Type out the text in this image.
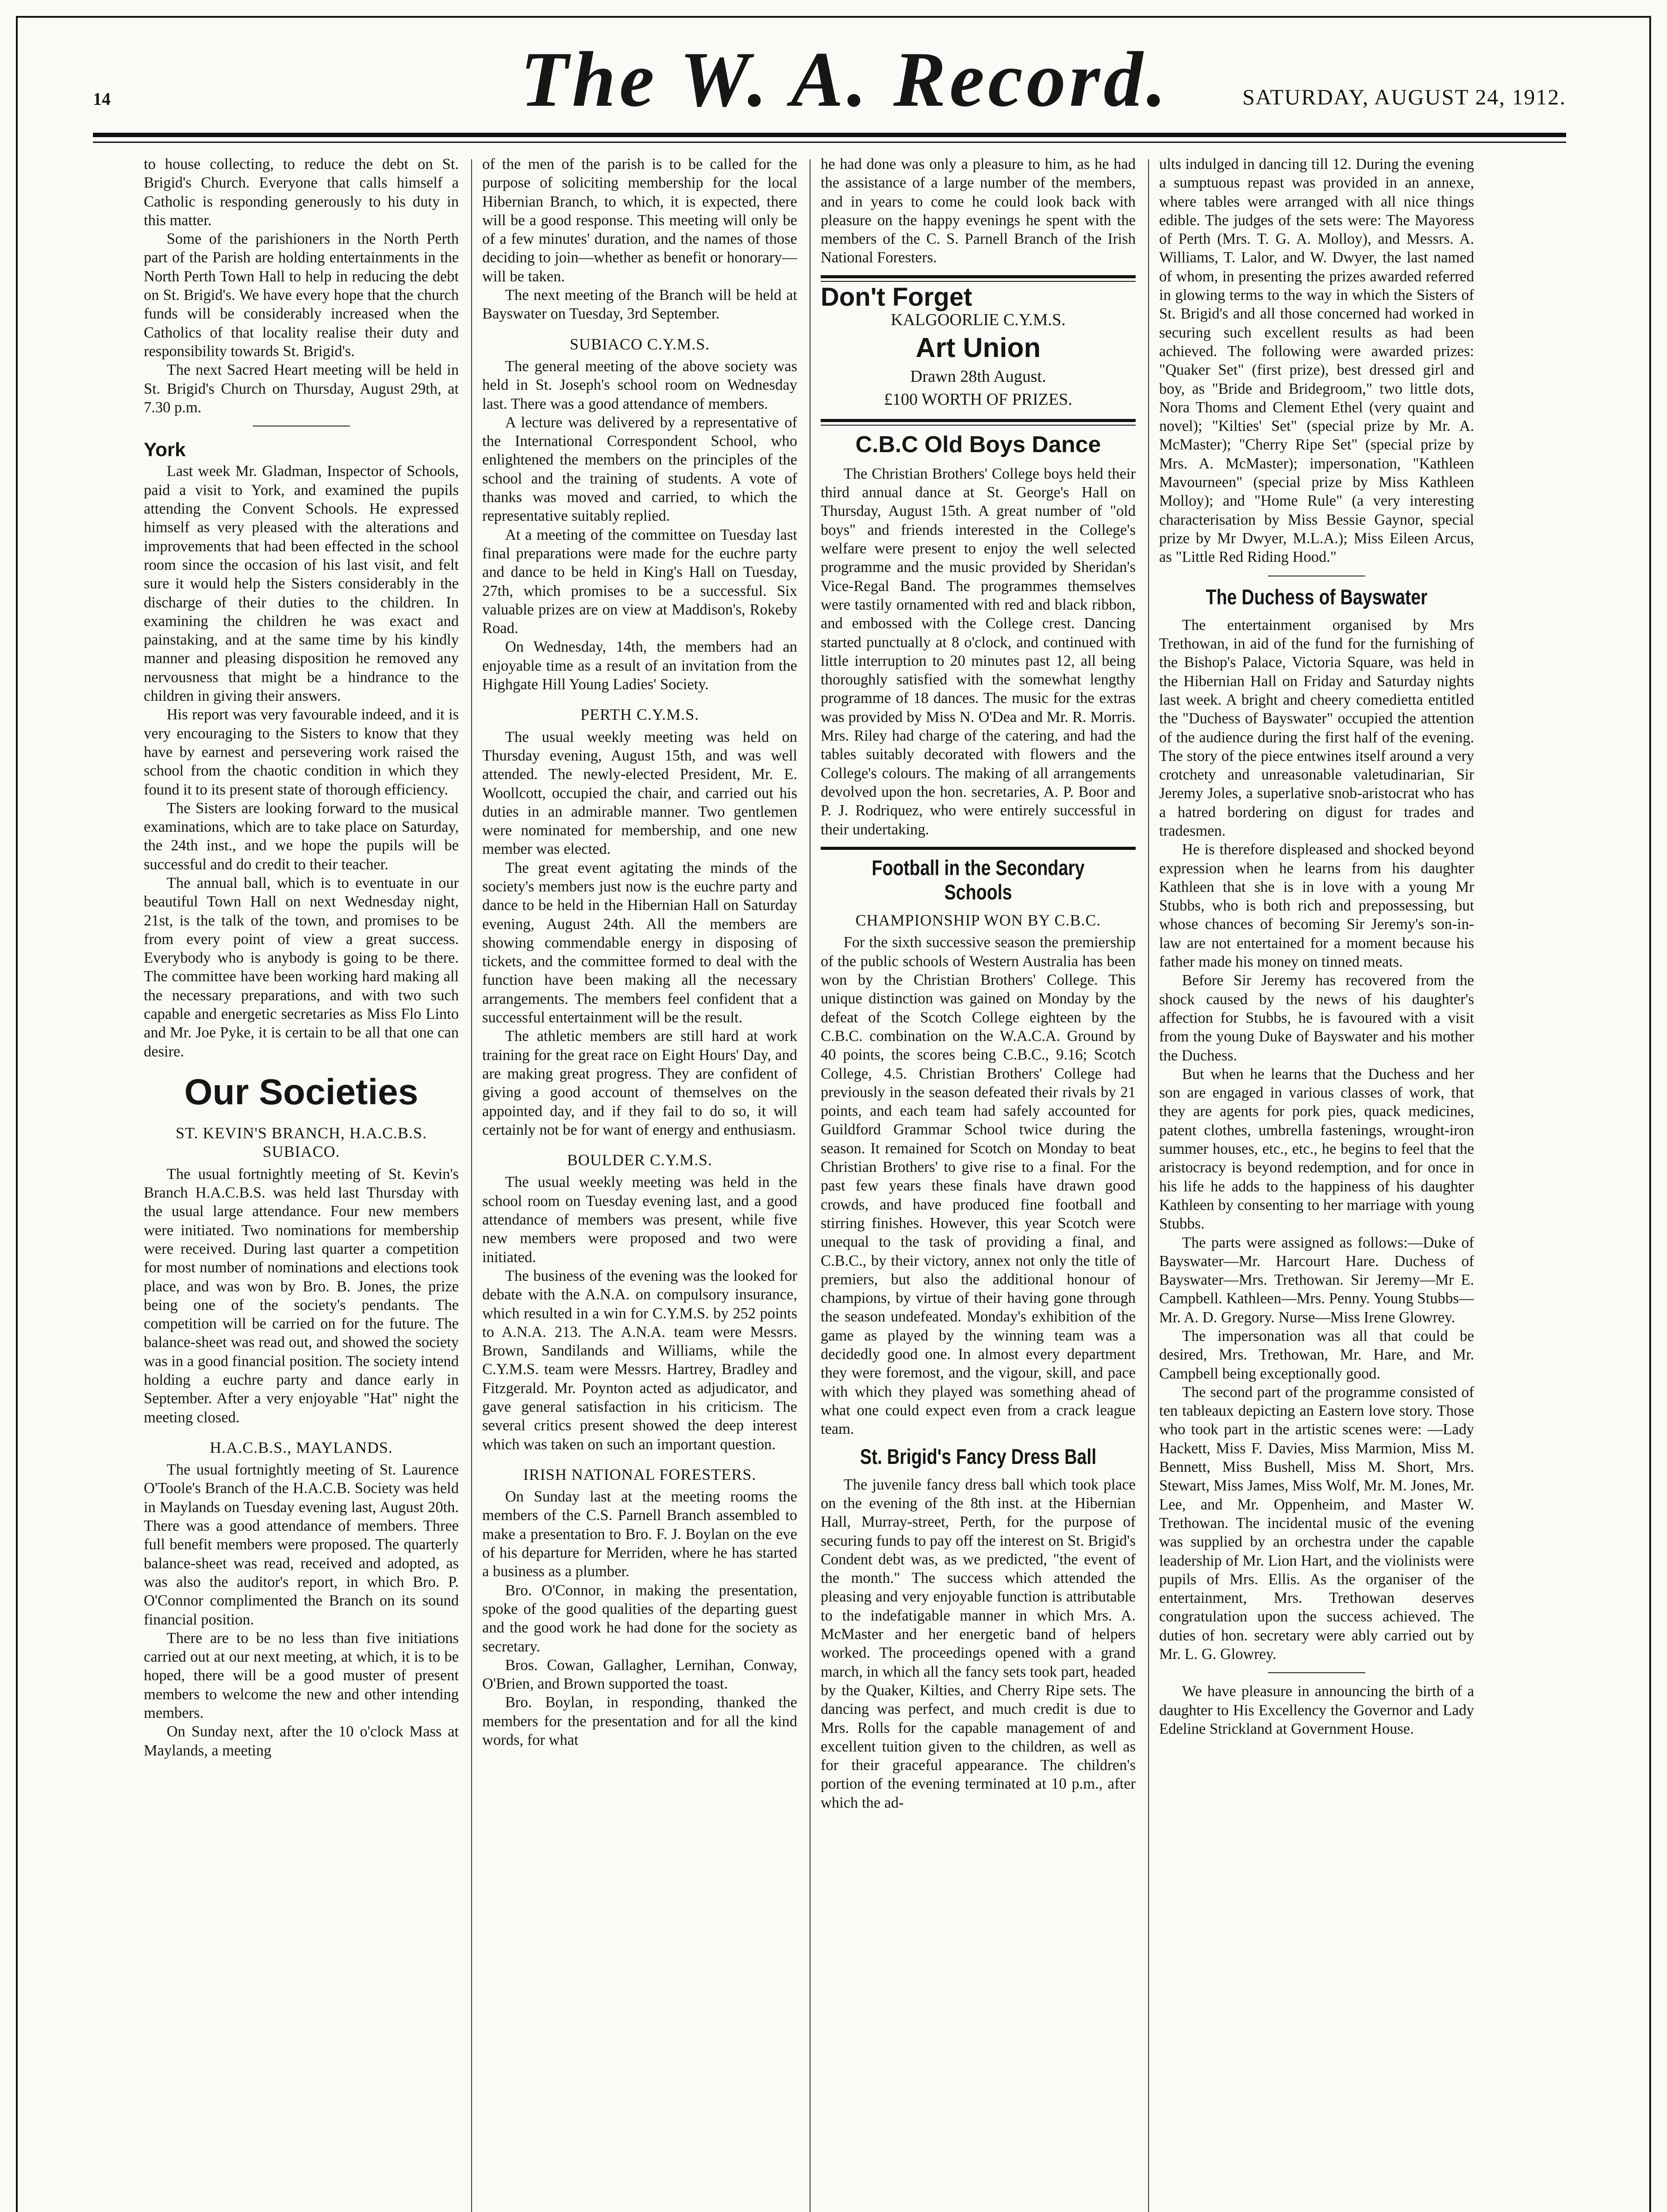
14	The W. A. Record.	SATURDAY, AUGUST 24, 1912.

to house collecting, to reduce the debt on St. Brigid's Church. Everyone that calls himself a Catholic is responding generously to his duty in this matter.

Some of the parishioners in the North Perth part of the Parish are holding entertainments in the North Perth Town Hall to help in reducing the debt on St. Brigid's. We have every hope that the church funds will be considerably increased when the Catholics of that locality realise their duty and responsibility towards St. Brigid's.

The next Sacred Heart meeting will be held in St. Brigid's Church on Thursday, August 29th, at 7.30 p.m.

York

Last week Mr. Gladman, Inspector of Schools, paid a visit to York, and examined the pupils attending the Convent Schools. He expressed himself as very pleased with the alterations and improvements that had been effected in the school room since the occasion of his last visit, and felt sure it would help the Sisters considerably in the discharge of their duties to the children. In examining the children he was exact and painstaking, and at the same time by his kindly manner and pleasing disposition he removed any nervousness that might be a hindrance to the children in giving their answers.

His report was very favourable indeed, and it is very encouraging to the Sisters to know that they have by earnest and persevering work raised the school from the chaotic condition in which they found it to its present state of thorough efficiency.

The Sisters are looking forward to the musical examinations, which are to take place on Saturday, the 24th inst., and we hope the pupils will be successful and do credit to their teacher.

The annual ball, which is to eventuate in our beautiful Town Hall on next Wednesday night, 21st, is the talk of the town, and promises to be from every point of view a great success. Everybody who is anybody is going to be there. The committee have been working hard making all the necessary preparations, and with two such capable and energetic secretaries as Miss Flo Linto and Mr. Joe Pyke, it is certain to be all that one can desire.

Our Societies
ST. KEVIN'S BRANCH, H.A.C.B.S. SUBIACO.

The usual fortnightly meeting of St. Kevin's Branch H.A.C.B.S. was held last Thursday with the usual large attendance. Four new members were initiated. Two nominations for membership were received. During last quarter a competition for most number of nominations and elections took place, and was won by Bro. B. Jones, the prize being one of the society's pendants. The competition will be carried on for the future. The balance-sheet was read out, and showed the society was in a good financial position. The society intend holding a euchre party and dance early in September. After a very enjoyable "Hat" night the meeting closed.

H.A.C.B.S., MAYLANDS.

The usual fortnightly meeting of St. Laurence O'Toole's Branch of the H.A.C.B. Society was held in Maylands on Tuesday evening last, August 20th. There was a good attendance of members. Three full benefit members were proposed. The quarterly balance-sheet was read, received and adopted, as was also the auditor's report, in which Bro. P. O'Connor complimented the Branch on its sound financial position.

There are to be no less than five initiations carried out at our next meeting, at which, it is to be hoped, there will be a good muster of present members to welcome the new and other intending members.

On Sunday next, after the 10 o'clock Mass at Maylands, a meeting

of the men of the parish is to be called for the purpose of soliciting membership for the local Hibernian Branch, to which, it is expected, there will be a good response. This meeting will only be of a few minutes' duration, and the names of those deciding to join—whether as benefit or honorary—will be taken.

The next meeting of the Branch will be held at Bayswater on Tuesday, 3rd September.

SUBIACO C.Y.M.S.

The general meeting of the above society was held in St. Joseph's school room on Wednesday last. There was a good attendance of members.

A lecture was delivered by a representative of the International Correspondent School, who enlightened the members on the principles of the school and the training of students. A vote of thanks was moved and carried, to which the representative suitably replied.

At a meeting of the committee on Tuesday last final preparations were made for the euchre party and dance to be held in King's Hall on Tuesday, 27th, which promises to be a successful. Six valuable prizes are on view at Maddison's, Rokeby Road.

On Wednesday, 14th, the members had an enjoyable time as a result of an invitation from the Highgate Hill Young Ladies' Society.

PERTH C.Y.M.S.

The usual weekly meeting was held on Thursday evening, August 15th, and was well attended. The newly-elected President, Mr. E. Woollcott, occupied the chair, and carried out his duties in an admirable manner. Two gentlemen were nominated for membership, and one new member was elected.

The great event agitating the minds of the society's members just now is the euchre party and dance to be held in the Hibernian Hall on Saturday evening, August 24th. All the members are showing commendable energy in disposing of tickets, and the committee formed to deal with the function have been making all the necessary arrangements. The members feel confident that a successful entertainment will be the result.

The athletic members are still hard at work training for the great race on Eight Hours' Day, and are making great progress. They are confident of giving a good account of themselves on the appointed day, and if they fail to do so, it will certainly not be for want of energy and enthusiasm.

BOULDER C.Y.M.S.

The usual weekly meeting was held in the school room on Tuesday evening last, and a good attendance of members was present, while five new members were proposed and two were initiated.

The business of the evening was the looked for debate with the A.N.A. on compulsory insurance, which resulted in a win for C.Y.M.S. by 252 points to A.N.A. 213. The A.N.A. team were Messrs. Brown, Sandilands and Williams, while the C.Y.M.S. team were Messrs. Hartrey, Bradley and Fitzgerald. Mr. Poynton acted as adjudicator, and gave general satisfaction in his criticism. The several critics present showed the deep interest which was taken on such an important question.

IRISH NATIONAL FORESTERS.

On Sunday last at the meeting rooms the members of the C.S. Parnell Branch assembled to make a presentation to Bro. F. J. Boylan on the eve of his departure for Merriden, where he has started a business as a plumber.

Bro. O'Connor, in making the presentation, spoke of the good qualities of the departing guest and the good work he had done for the society as secretary.

Bros. Cowan, Gallagher, Lernihan, Conway, O'Brien, and Brown supported the toast.

Bro. Boylan, in responding, thanked the members for the presentation and for all the kind words, for what

he had done was only a pleasure to him, as he had the assistance of a large number of the members, and in years to come he could look back with pleasure on the happy evenings he spent with the members of the C. S. Parnell Branch of the Irish National Foresters.

Don't Forget
KALGOORLIE C.Y.M.S.
Art Union
Drawn 28th August.
£100 WORTH OF PRIZES.
C.B.C Old Boys Dance

The Christian Brothers' College boys held their third annual dance at St. George's Hall on Thursday, August 15th. A great number of "old boys" and friends interested in the College's welfare were present to enjoy the well selected programme and the music provided by Sheridan's Vice-Regal Band. The programmes themselves were tastily ornamented with red and black ribbon, and embossed with the College crest. Dancing started punctually at 8 o'clock, and continued with little interruption to 20 minutes past 12, all being thoroughly satisfied with the somewhat lengthy programme of 18 dances. The music for the extras was provided by Miss N. O'Dea and Mr. R. Morris. Mrs. Riley had charge of the catering, and had the tables suitably decorated with flowers and the College's colours. The making of all arrangements devolved upon the hon. secretaries, A. P. Boor and P. J. Rodriquez, who were entirely successful in their undertaking.

Football in the Secondary Schools
CHAMPIONSHIP WON BY C.B.C.

For the sixth successive season the premiership of the public schools of Western Australia has been won by the Christian Brothers' College. This unique distinction was gained on Monday by the defeat of the Scotch College eighteen by the C.B.C. combination on the W.A.C.A. Ground by 40 points, the scores being C.B.C., 9.16; Scotch College, 4.5. Christian Brothers' College had previously in the season defeated their rivals by 21 points, and each team had safely accounted for Guildford Grammar School twice during the season. It remained for Scotch on Monday to beat Christian Brothers' to give rise to a final. For the past few years these finals have drawn good crowds, and have produced fine football and stirring finishes. However, this year Scotch were unequal to the task of providing a final, and C.B.C., by their victory, annex not only the title of premiers, but also the additional honour of champions, by virtue of their having gone through the season undefeated. Monday's exhibition of the game as played by the winning team was a decidedly good one. In almost every department they were foremost, and the vigour, skill, and pace with which they played was something ahead of what one could expect even from a crack league team.

St. Brigid's Fancy Dress Ball

The juvenile fancy dress ball which took place on the evening of the 8th inst. at the Hibernian Hall, Murray-street, Perth, for the purpose of securing funds to pay off the interest on St. Brigid's Condent debt was, as we predicted, "the event of the month." The success which attended the pleasing and very enjoyable function is attributable to the indefatigable manner in which Mrs. A. McMaster and her energetic band of helpers worked. The proceedings opened with a grand march, in which all the fancy sets took part, headed by the Quaker, Kilties, and Cherry Ripe sets. The dancing was perfect, and much credit is due to Mrs. Rolls for the capable management of and excellent tuition given to the children, as well as for their graceful appearance. The children's portion of the evening terminated at 10 p.m., after which the ad-

ults indulged in dancing till 12. During the evening a sumptuous repast was provided in an annexe, where tables were arranged with all nice things edible. The judges of the sets were: The Mayoress of Perth (Mrs. T. G. A. Molloy), and Messrs. A. Williams, T. Lalor, and W. Dwyer, the last named of whom, in presenting the prizes awarded referred in glowing terms to the way in which the Sisters of St. Brigid's and all those concerned had worked in securing such excellent results as had been achieved. The following were awarded prizes: "Quaker Set" (first prize), best dressed girl and boy, as "Bride and Bridegroom," two little dots, Nora Thoms and Clement Ethel (very quaint and novel); "Kilties' Set" (special prize by Mr. A. McMaster); "Cherry Ripe Set" (special prize by Mrs. A. McMaster); impersonation, "Kathleen Mavourneen" (special prize by Miss Kathleen Molloy); and "Home Rule" (a very interesting characterisation by Miss Bessie Gaynor, special prize by Mr Dwyer, M.L.A.); Miss Eileen Arcus, as "Little Red Riding Hood."

The Duchess of Bayswater

The entertainment organised by Mrs Trethowan, in aid of the fund for the furnishing of the Bishop's Palace, Victoria Square, was held in the Hibernian Hall on Friday and Saturday nights last week. A bright and cheery comedietta entitled the "Duchess of Bayswater" occupied the attention of the audience during the first half of the evening. The story of the piece entwines itself around a very crotchety and unreasonable valetudinarian, Sir Jeremy Joles, a superlative snob-aristocrat who has a hatred bordering on digust for trades and tradesmen.

He is therefore displeased and shocked beyond expression when he learns from his daughter Kathleen that she is in love with a young Mr Stubbs, who is both rich and prepossessing, but whose chances of becoming Sir Jeremy's son-in-law are not entertained for a moment because his father made his money on tinned meats.

Before Sir Jeremy has recovered from the shock caused by the news of his daughter's affection for Stubbs, he is favoured with a visit from the young Duke of Bayswater and his mother the Duchess.

But when he learns that the Duchess and her son are engaged in various classes of work, that they are agents for pork pies, quack medicines, patent clothes, umbrella fastenings, wrought-iron summer houses, etc., etc., he begins to feel that the aristocracy is beyond redemption, and for once in his life he adds to the happiness of his daughter Kathleen by consenting to her marriage with young Stubbs.

The parts were assigned as follows:—Duke of Bayswater—Mr. Harcourt Hare. Duchess of Bayswater—Mrs. Trethowan. Sir Jeremy—Mr E. Campbell. Kathleen—Mrs. Penny. Young Stubbs—Mr. A. D. Gregory. Nurse—Miss Irene Glowrey.

The impersonation was all that could be desired, Mrs. Trethowan, Mr. Hare, and Mr. Campbell being exceptionally good.

The second part of the programme consisted of ten tableaux depicting an Eastern love story. Those who took part in the artistic scenes were: —Lady Hackett, Miss F. Davies, Miss Marmion, Miss M. Bennett, Miss Bushell, Miss M. Short, Mrs. Stewart, Miss James, Miss Wolf, Mr. M. Jones, Mr. Lee, and Mr. Oppenheim, and Master W. Trethowan. The incidental music of the evening was supplied by an orchestra under the capable leadership of Mr. Lion Hart, and the violinists were pupils of Mrs. Ellis. As the organiser of the entertainment, Mrs. Trethowan deserves congratulation upon the success achieved. The duties of hon. secretary were ably carried out by Mr. L. G. Glowrey.

We have pleasure in announcing the birth of a daughter to His Excellency the Governor and Lady Edeline Strickland at Government House.
